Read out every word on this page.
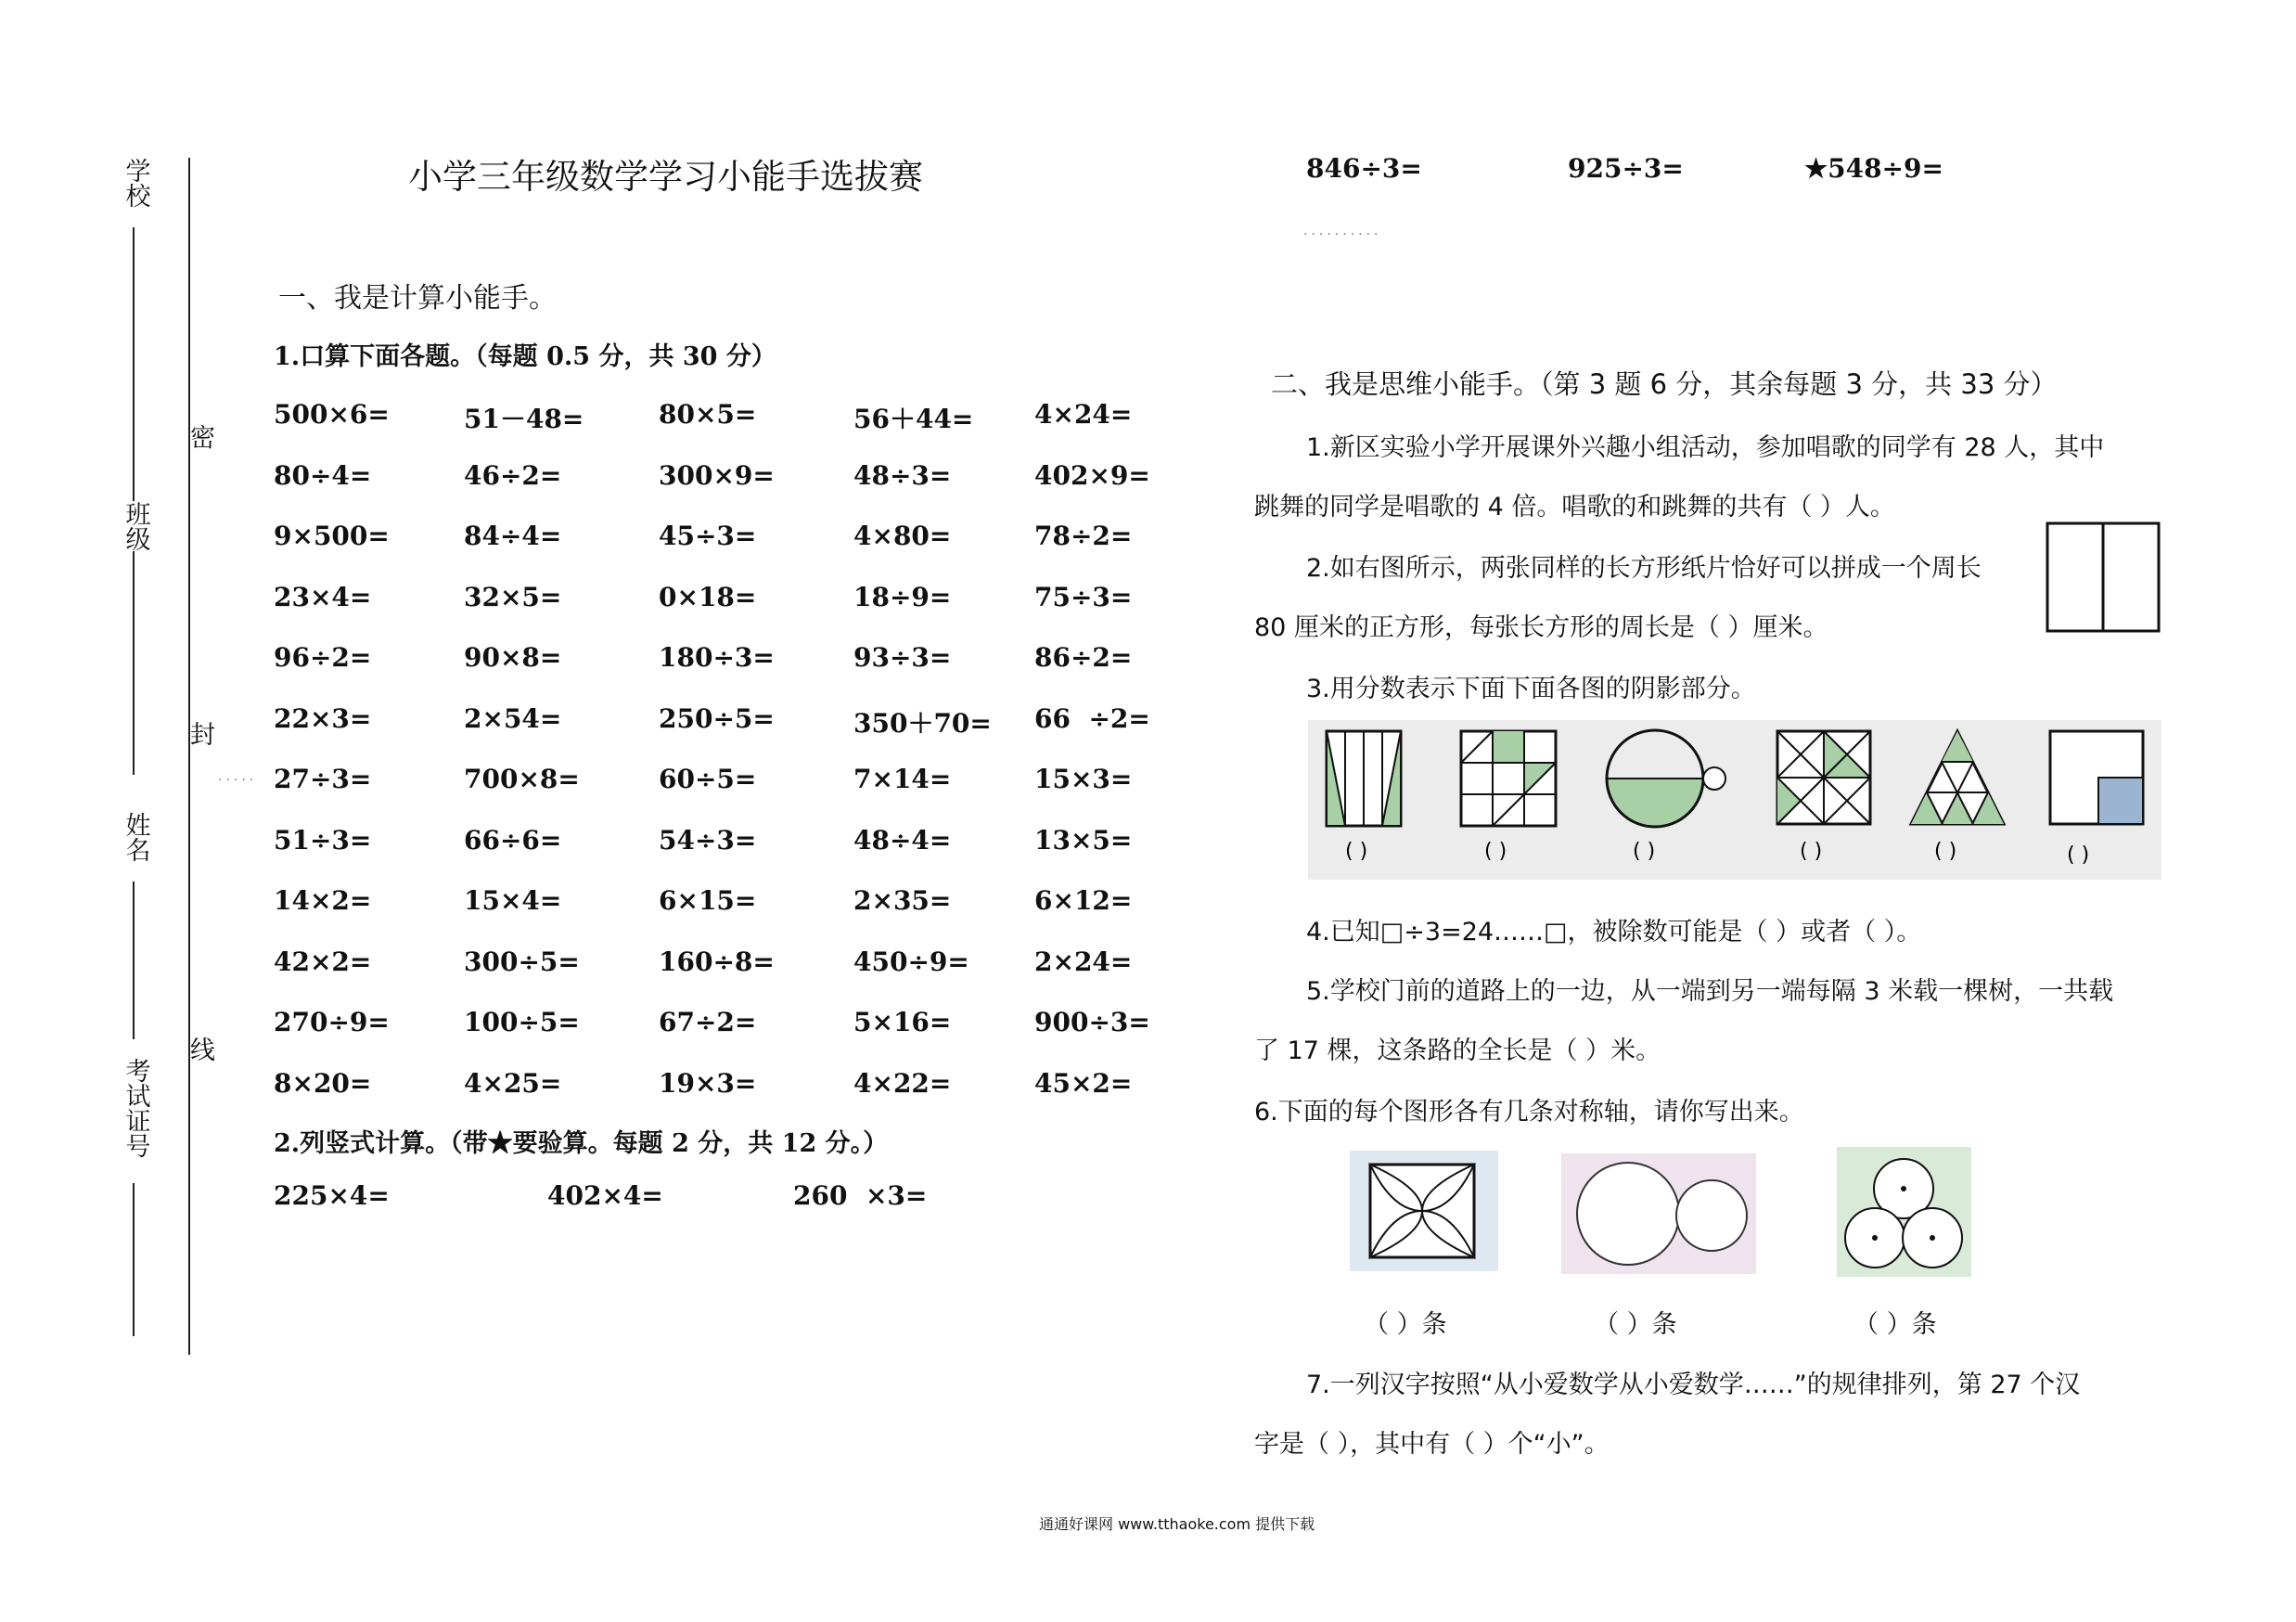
学校
班级
姓名
考试证号
密
封
线
·····
小学三年级数学学习小能手选拔赛
一、我是计算小能手。
1.口算下面各题。（每题 0.5 分，共 30 分）
500×6=	51－48=	80×5=	56＋44= 4×24=
80÷4=	46÷2=	300×9=	48÷3=	402×9=
9×500=	84÷4=	45÷3=	4×80=	78÷2=
23×4=	32×5=	0×18=	18÷9=	75÷3=
96÷2=	90×8=	180÷3=	93÷3=	86÷2=
22×3=	2×54=	250÷5=	350＋70= 66  ÷2=
27÷3=	700×8=	60÷5=	7×14=	15×3=
51÷3=	66÷6=	54÷3=	48÷4=	13×5=
14×2=	15×4=	6×15=	2×35=	6×12=
42×2=	300÷5=	160÷8=	450÷9=	2×24=
270÷9=	100÷5=	67÷2=	5×16=	900÷3=
8×20=	4×25=	19×3=	4×22=	45×2=
2.列竖式计算。（带★要验算。每题 2 分，共 12 分。）
225×4=	402×4=	260  ×3=
846÷3=	925÷3=	★548÷9=
··········
二、我是思维小能手。（第 3 题 6 分，其余每题 3 分，共 33 分）
1.新区实验小学开展课外兴趣小组活动，参加唱歌的同学有 28 人，其中
跳舞的同学是唱歌的 4 倍。唱歌的和跳舞的共有（ ）人。
2.如右图所示，两张同样的长方形纸片恰好可以拼成一个周长
80 厘米的正方形，每张长方形的周长是（ ）厘米。
3.用分数表示下面下面各图的阴影部分。
( )	( )	( )	( )	( )	( )
4.已知□÷3=24……□，被除数可能是（ ）或者（ ）。
5.学校门前的道路上的一边，从一端到另一端每隔 3 米载一棵树，一共载
了 17 棵，这条路的全长是（ ）米。
6.下面的每个图形各有几条对称轴，请你写出来。
（ ）条	（ ）条	（ ）条
7.一列汉字按照“从小爱数学从小爱数学……”的规律排列，第 27 个汉
字是（ ），其中有（ ）个“小”。
通通好课网 www.tthaoke.com 提供下载
